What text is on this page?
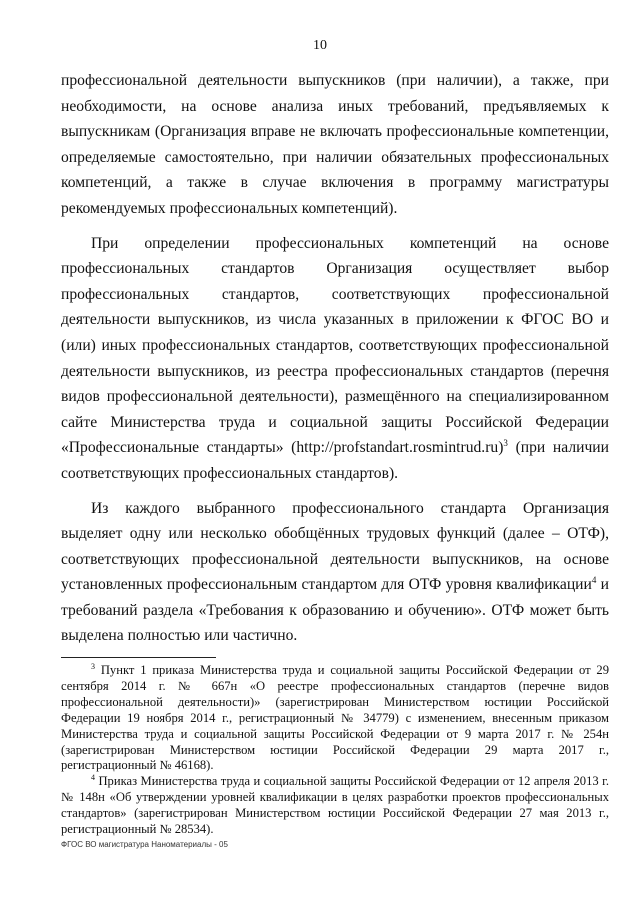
10

профессиональной деятельности выпускников (при наличии), а также, при необходимости, на основе анализа иных требований, предъявляемых к выпускникам (Организация вправе не включать профессиональные компетенции, определяемые самостоятельно, при наличии обязательных профессиональных компетенций, а также в случае включения в программу магистратуры рекомендуемых профессиональных компетенций).

При определении профессиональных компетенций на основе профессиональных стандартов Организация осуществляет выбор профессиональных стандартов, соответствующих профессиональной деятельности выпускников, из числа указанных в приложении к ФГОС ВО и (или) иных профессиональных стандартов, соответствующих профессиональной деятельности выпускников, из реестра профессиональных стандартов (перечня видов профессиональной деятельности), размещённого на специализированном сайте Министерства труда и социальной защиты Российской Федерации «Профессиональные стандарты» (http://profstandart.rosmintrud.ru)$^3$ (при наличии соответствующих профессиональных стандартов).

Из каждого выбранного профессионального стандарта Организация выделяет одну или несколько обобщённых трудовых функций (далее – ОТФ), соответствующих профессиональной деятельности выпускников, на основе установленных профессиональным стандартом для ОТФ уровня квалификации$^4$ и требований раздела «Требования к образованию и обучению». ОТФ может быть выделена полностью или частично.

$^3$ Пункт 1 приказа Министерства труда и социальной защиты Российской Федерации от 29 сентября 2014 г. № 667н «О реестре профессиональных стандартов (перечне видов профессиональной деятельности)» (зарегистрирован Министерством юстиции Российской Федерации 19 ноября 2014 г., регистрационный № 34779) с изменением, внесенным приказом Министерства труда и социальной защиты Российской Федерации от 9 марта 2017 г. № 254н (зарегистрирован Министерством юстиции Российской Федерации 29 марта 2017 г., регистрационный № 46168).

$^4$ Приказ Министерства труда и социальной защиты Российской Федерации от 12 апреля 2013 г. № 148н «Об утверждении уровней квалификации в целях разработки проектов профессиональных стандартов» (зарегистрирован Министерством юстиции Российской Федерации 27 мая 2013 г., регистрационный № 28534).

ФГОС ВО магистратура Наноматериалы - 05
